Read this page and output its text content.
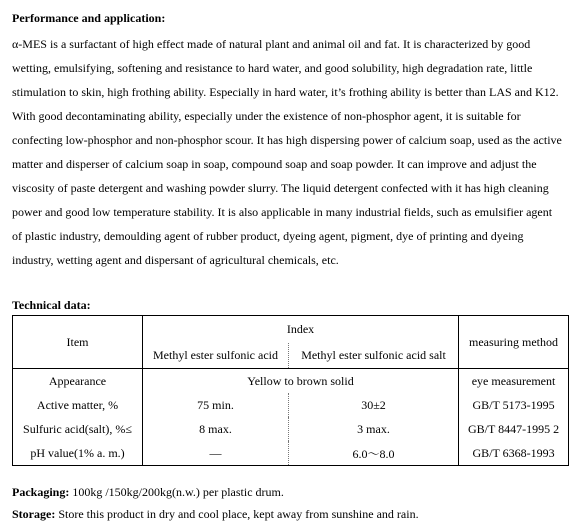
Performance and application:
α-MES is a surfactant of high effect made of natural plant and animal oil and fat. It is characterized by good
wetting, emulsifying, softening and resistance to hard water, and good solubility, high degradation rate, little
stimulation to skin, high frothing ability. Especially in hard water, it’s frothing ability is better than LAS and K12.
With good decontaminating ability, especially under the existence of non-phosphor agent, it is suitable for
confecting low-phosphor and non-phosphor scour. It has high dispersing power of calcium soap, used as the active
matter and disperser of calcium soap in soap, compound soap and soap powder. It can improve and adjust the
viscosity of paste detergent and washing powder slurry. The liquid detergent confected with it has high cleaning
power and good low temperature stability. It is also applicable in many industrial fields, such as emulsifier agent
of plastic industry, demoulding agent of rubber product, dyeing agent, pigment, dye of printing and dyeing
industry, wetting agent and dispersant of agricultural chemicals, etc.
Technical data:
Item	Index		measuring method
	Methyl ester sulfonic acid	Methyl ester sulfonic acid salt	
Appearance	Yellow to brown solid		eye measurement
Active matter, %	75 min.	30±2	GB/T 5173-1995
Sulfuric acid(salt), %≤	8 max.	3 max.	GB/T 8447-1995 2
pH value(1% a. m.)	—	6.0～8.0	GB/T 6368-1993
Packaging: 100kg /150kg/200kg(n.w.) per plastic drum.
Storage: Store this product in dry and cool place, kept away from sunshine and rain.
